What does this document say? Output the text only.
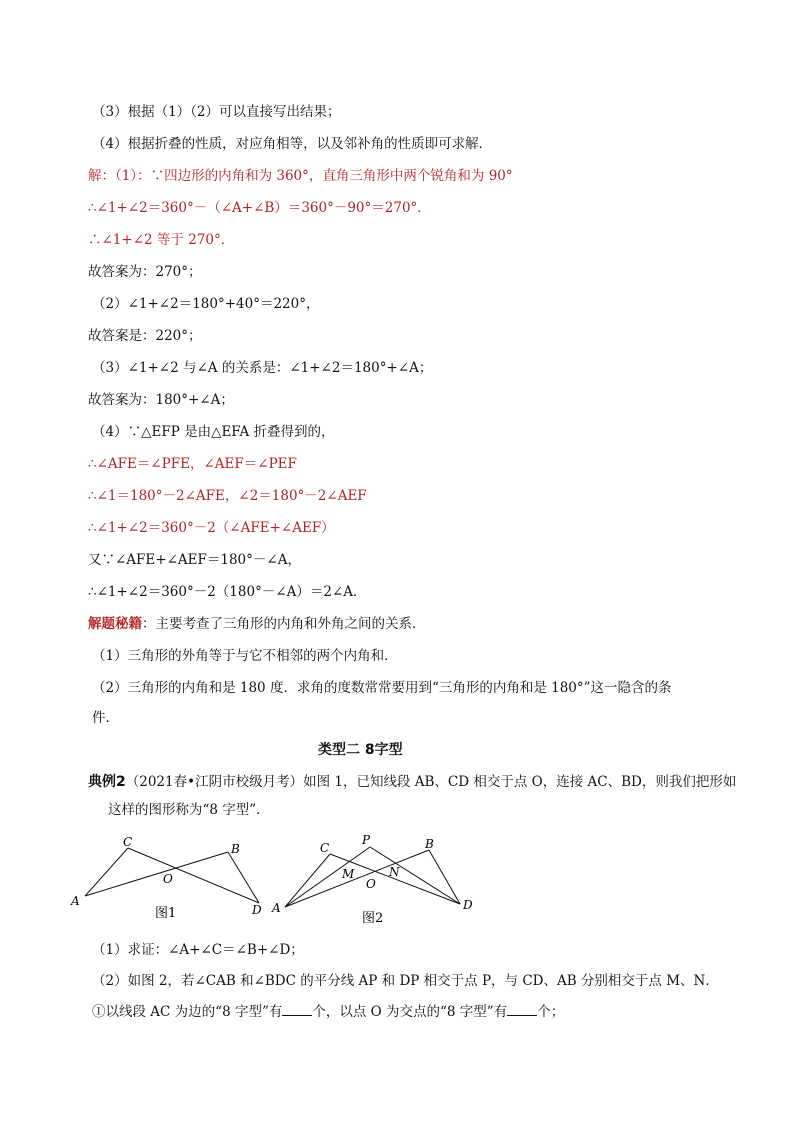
（3）根据（1）（2）可以直接写出结果；
（4）根据折叠的性质，对应角相等，以及邻补角的性质即可求解．
解：（1）：∵四边形的内角和为 360°，直角三角形中两个锐角和为 90°
∴∠1+∠2＝360°－（∠A+∠B）＝360°－90°＝270°．
∴∠1+∠2 等于 270°．
故答案为：270°；
（2）∠1+∠2＝180°+40°＝220°，
故答案是：220°；
（3）∠1+∠2 与∠A 的关系是：∠1+∠2＝180°+∠A；
故答案为：180°+∠A；
（4）∵△EFP 是由△EFA 折叠得到的，
∴∠AFE＝∠PFE，∠AEF＝∠PEF
∴∠1＝180°－2∠AFE，∠2＝180°－2∠AEF
∴∠1+∠2＝360°－2（∠AFE+∠AEF）
又∵∠AFE+∠AEF＝180°－∠A，
∴∠1+∠2＝360°－2（180°－∠A）＝2∠A．
解题秘籍：主要考查了三角形的内角和外角之间的关系．
（1）三角形的外角等于与它不相邻的两个内角和．
（2）三角形的内角和是 180 度．求角的度数常常要用到“三角形的内角和是 180°”这一隐含的条
件．
类型二 8字型
典例2（2021春•江阴市校级月考）如图 1，已知线段 AB、CD 相交于点 O，连接 AC、BD，则我们把形如
这样的图形称为“8 字型”．
A
C	B
O
D
图1	A
C
P	B
M	N
O
D
图2
（1）求证：∠A+∠C＝∠B+∠D；
（2）如图 2，若∠CAB 和∠BDC 的平分线 AP 和 DP 相交于点 P，与 CD、AB 分别相交于点 M、N．
①以线段 AC 为边的“8 字型”有 个，以点 O 为交点的“8 字型”有 个；
